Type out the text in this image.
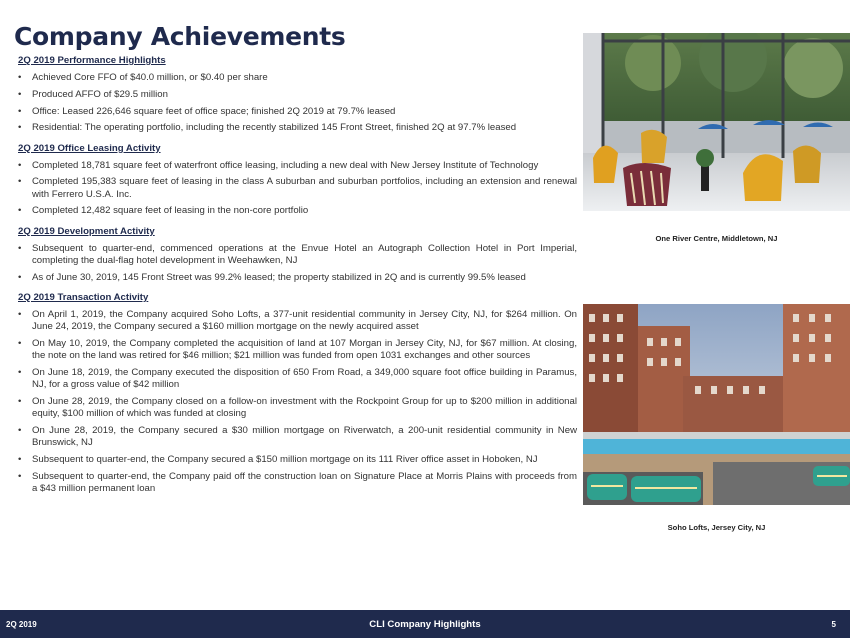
Company Achievements
2Q 2019 Performance Highlights
• Achieved Core FFO of $40.0 million, or $0.40 per share
• Produced AFFO of $29.5 million
• Office: Leased 226,646 square feet of office space; finished 2Q 2019 at 79.7% leased
• Residential: The operating portfolio, including the recently stabilized 145 Front Street, finished 2Q at 97.7% leased
2Q 2019 Office Leasing Activity
• Completed 18,781 square feet of waterfront office leasing, including a new deal with New Jersey Institute of Technology
• Completed 195,383 square feet of leasing in the class A suburban and suburban portfolios, including an extension and renewal with Ferrero U.S.A. Inc.
• Completed 12,482 square feet of leasing in the non-core portfolio
2Q 2019 Development Activity
• Subsequent to quarter-end, commenced operations at the Envue Hotel an Autograph Collection Hotel in Port Imperial, completing the dual-flag hotel development in Weehawken, NJ
• As of June 30, 2019, 145 Front Street was 99.2% leased; the property stabilized in 2Q and is currently 99.5% leased
2Q 2019 Transaction Activity
• On April 1, 2019, the Company acquired Soho Lofts, a 377-unit residential community in Jersey City, NJ, for $264 million. On June 24, 2019, the Company secured a $160 million mortgage on the newly acquired asset
• On May 10, 2019, the Company completed the acquisition of land at 107 Morgan in Jersey City, NJ, for $67 million. At closing, the note on the land was retired for $46 million; $21 million was funded from open 1031 exchanges and other sources
• On June 18, 2019, the Company executed the disposition of 650 From Road, a 349,000 square foot office building in Paramus, NJ, for a gross value of $42 million
• On June 28, 2019, the Company closed on a follow-on investment with the Rockpoint Group for up to $200 million in additional equity, $100 million of which was funded at closing
• On June 28, 2019, the Company secured a $30 million mortgage on Riverwatch, a 200-unit residential community in New Brunswick, NJ
• Subsequent to quarter-end, the Company secured a $150 million mortgage on its 111 River office asset in Hoboken, NJ
• Subsequent to quarter-end, the Company paid off the construction loan on Signature Place at Morris Plains with proceeds from a $43 million permanent loan
One River Centre, Middletown, NJ
Soho Lofts, Jersey City, NJ
2Q 2019	CLI Company Highlights	5
